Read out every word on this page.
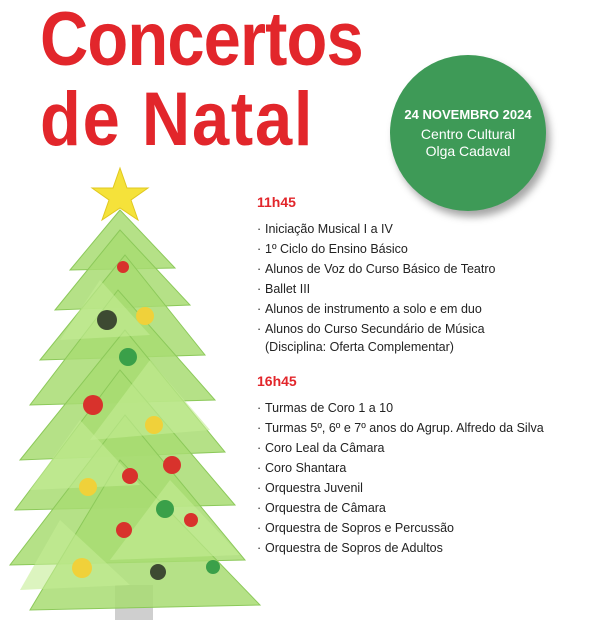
Concertos
de Natal	24 NOVEMBRO 2024
Centro Cultural
Olga Cadaval
11h45
· Iniciação Musical I a IV
· 1º Ciclo do Ensino Básico
· Alunos de Voz do Curso Básico de Teatro
· Ballet III
· Alunos de instrumento a solo e em duo
· Alunos do Curso Secundário de Música
(Disciplina: Oferta Complementar)
16h45
· Turmas de Coro 1 a 10
· Turmas 5º, 6º e 7º anos do Agrup. Alfredo da Silva
· Coro Leal da Câmara
· Coro Shantara
· Orquestra Juvenil
· Orquestra de Câmara
· Orquestra de Sopros e Percussão
· Orquestra de Sopros de Adultos
